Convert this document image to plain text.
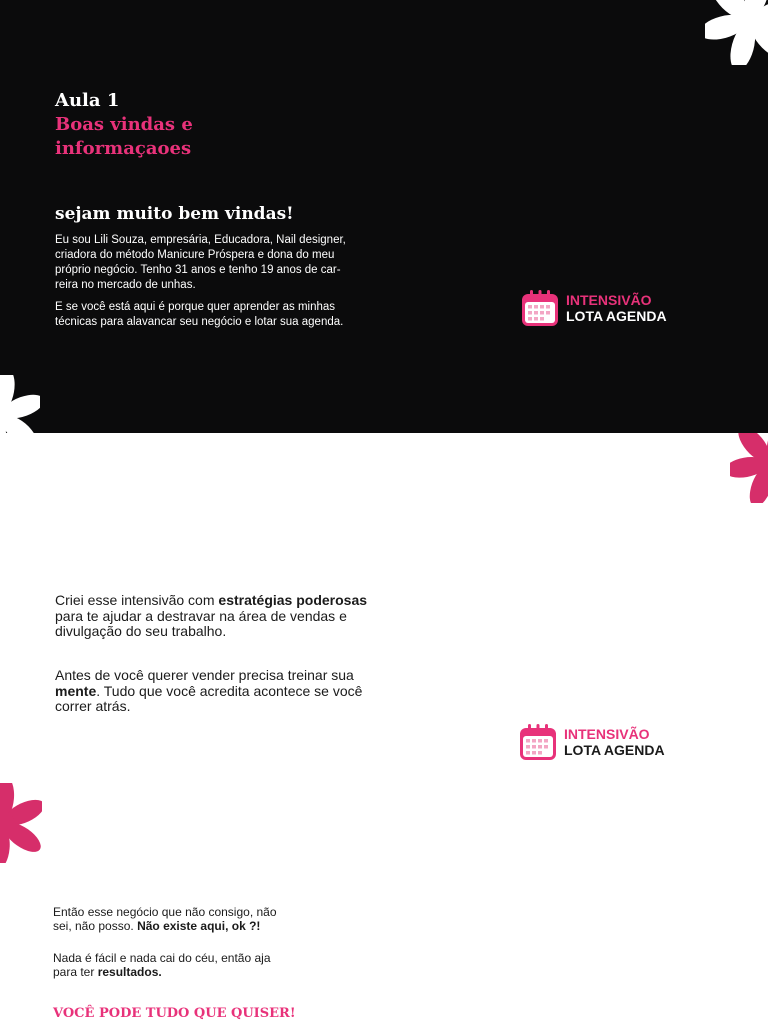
Aula 1
Boas vindas e
informaçaoes
sejam muito bem vindas!

Eu sou Lili Souza, empresária, Educadora, Nail designer,
criadora do método Manicure Próspera e dona do meu
próprio negócio. Tenho 31 anos e tenho 19 anos de car-
reira no mercado de unhas.

E se você está aqui é porque quer aprender as minhas
técnicas para alavancar seu negócio e lotar sua agenda.

INTENSIVÃO
LOTA AGENDA

Criei esse intensivão com estratégias poderosas
para te ajudar a destravar na área de vendas e
divulgação do seu trabalho.

Antes de você querer vender precisa treinar sua
mente. Tudo que você acredita acontece se você
correr atrás.

INTENSIVÃO
LOTA AGENDA

Então esse negócio que não consigo, não
sei, não posso. Não existe aqui, ok ?!

Nada é fácil e nada cai do céu, então aja
para ter resultados.

VOCÊ PODE TUDO QUE QUISER!
